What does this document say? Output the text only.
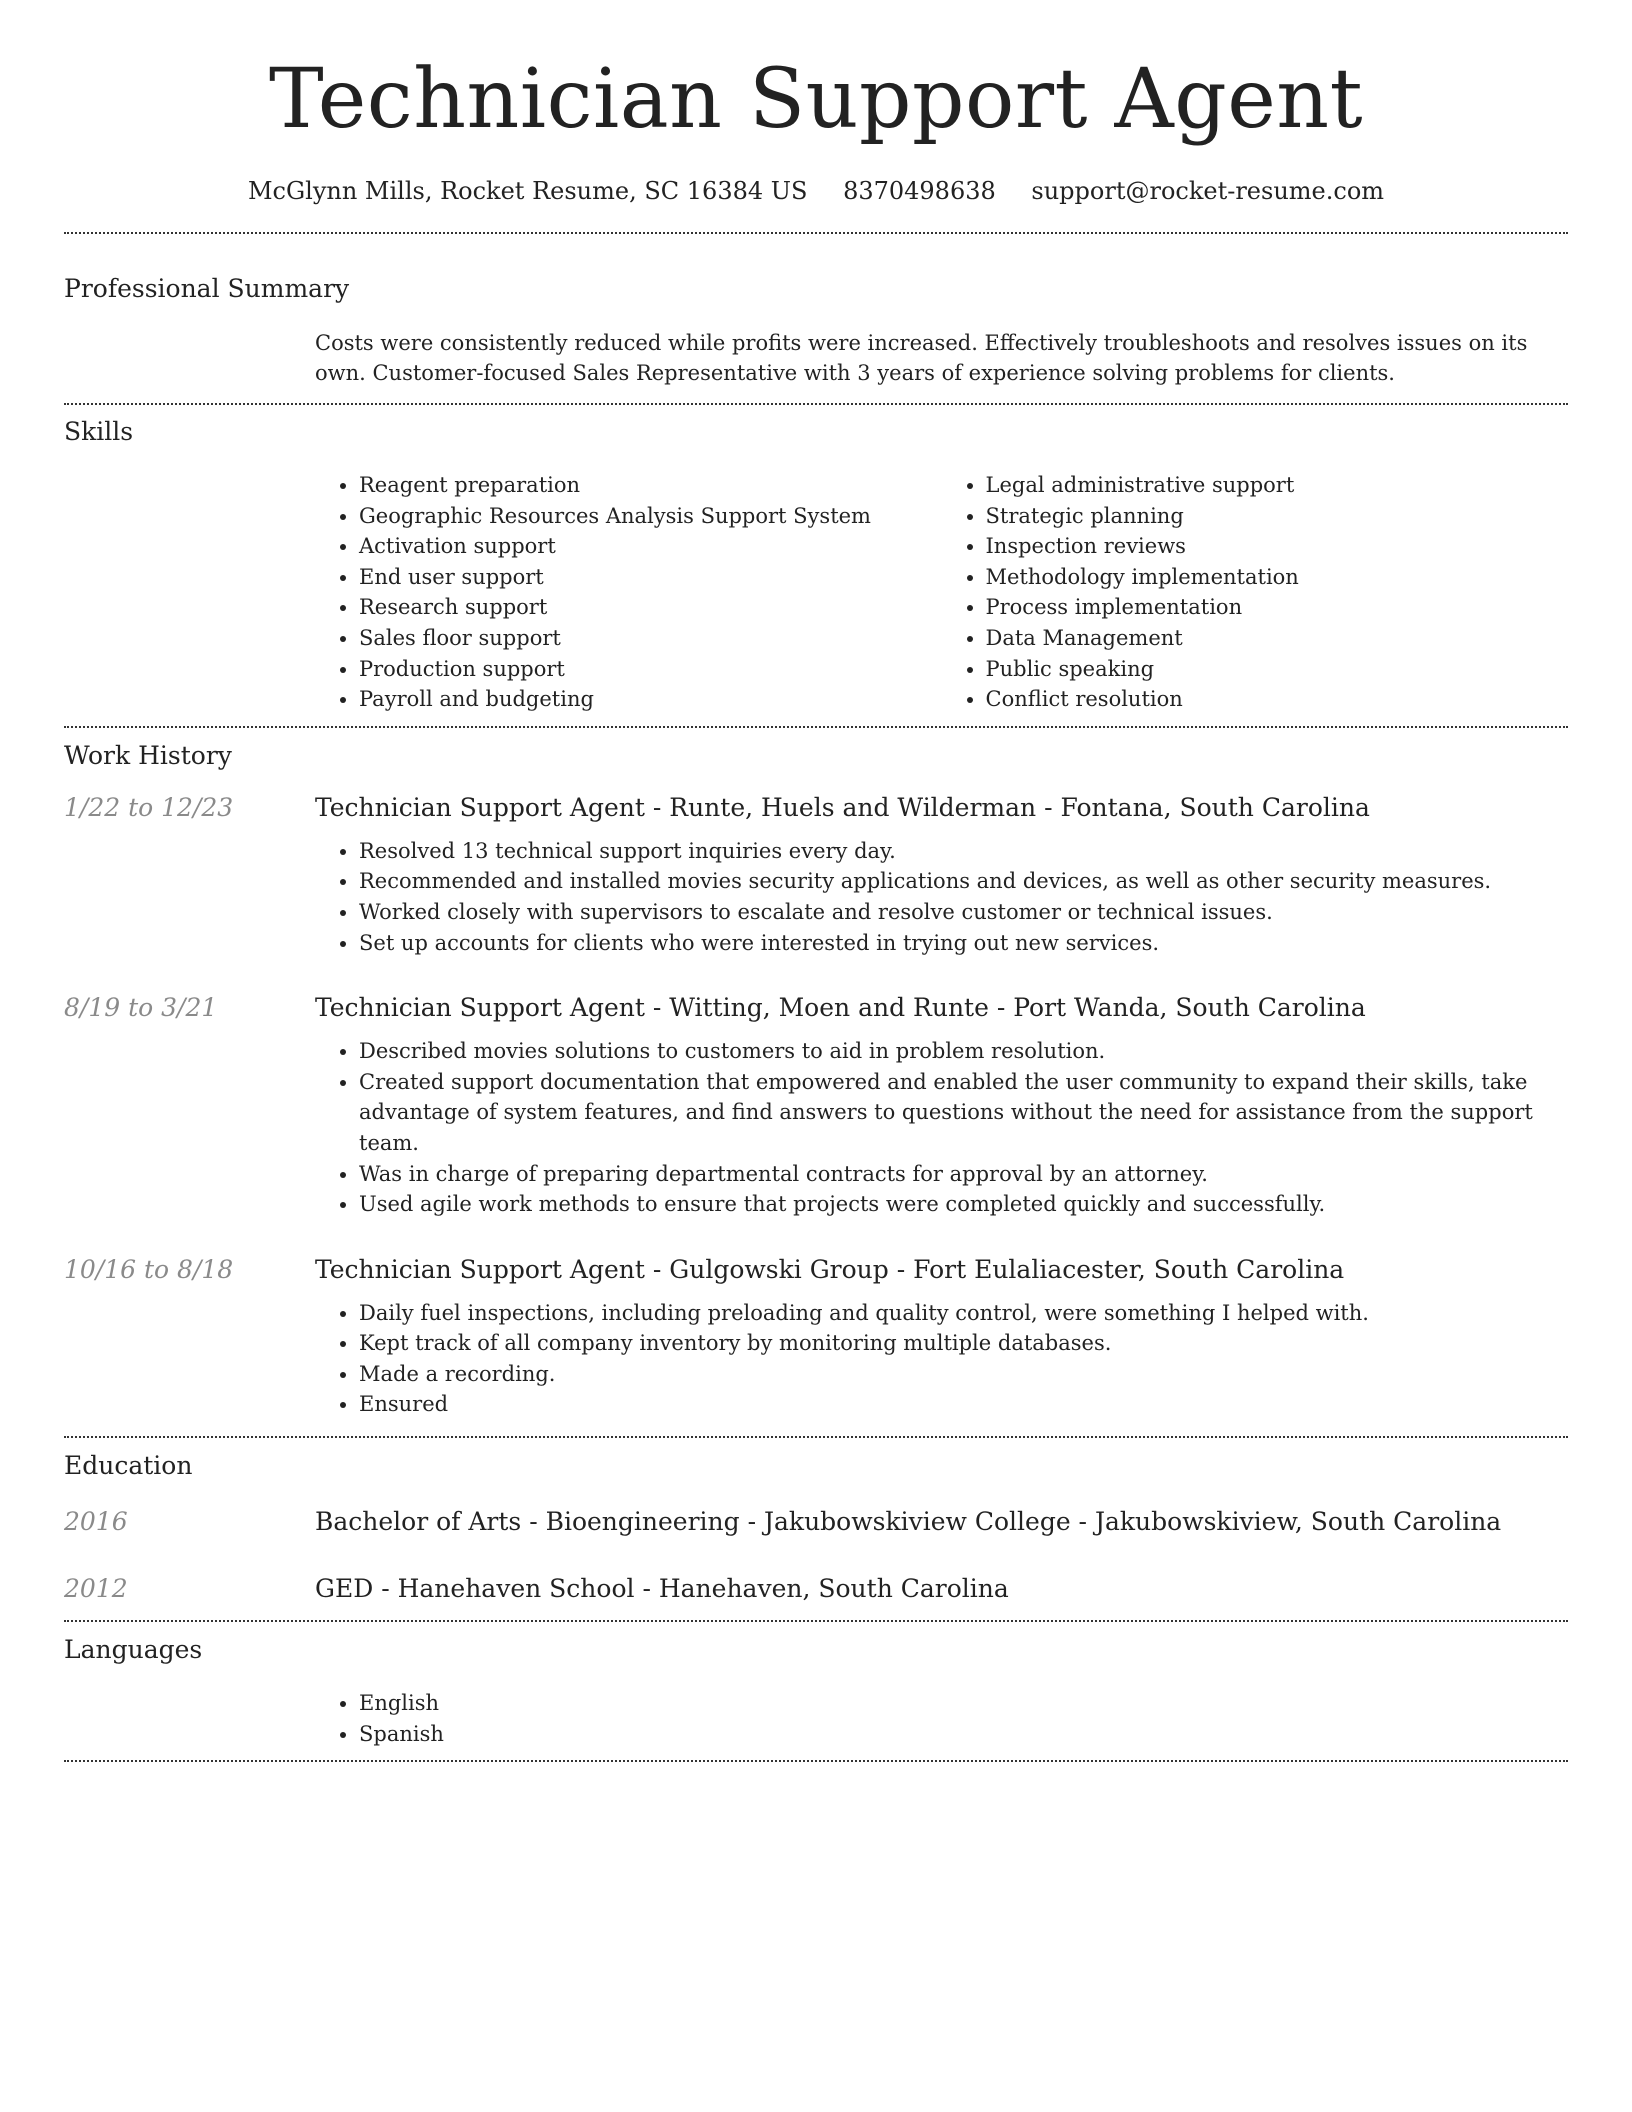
Technician Support Agent
McGlynn Mills, Rocket Resume, SC 16384 US 8370498638 support@rocket-resume.com
Professional Summary
Costs were consistently reduced while profits were increased. Effectively troubleshoots and resolves issues on its own. Customer-focused Sales Representative with 3 years of experience solving problems for clients.
Skills
• Reagent preparation
• Geographic Resources Analysis Support System
• Activation support
• End user support
• Research support
• Sales floor support
• Production support
• Payroll and budgeting
• Legal administrative support
• Strategic planning
• Inspection reviews
• Methodology implementation
• Process implementation
• Data Management
• Public speaking
• Conflict resolution
Work History
1/22 to 12/23	Technician Support Agent - Runte, Huels and Wilderman - Fontana, South Carolina
• Resolved 13 technical support inquiries every day.
• Recommended and installed movies security applications and devices, as well as other security measures.
• Worked closely with supervisors to escalate and resolve customer or technical issues.
• Set up accounts for clients who were interested in trying out new services.
8/19 to 3/21	Technician Support Agent - Witting, Moen and Runte - Port Wanda, South Carolina
• Described movies solutions to customers to aid in problem resolution.
• Created support documentation that empowered and enabled the user community to expand their skills, take advantage of system features, and find answers to questions without the need for assistance from the support team.
• Was in charge of preparing departmental contracts for approval by an attorney.
• Used agile work methods to ensure that projects were completed quickly and successfully.
10/16 to 8/18	Technician Support Agent - Gulgowski Group - Fort Eulaliacester, South Carolina
• Daily fuel inspections, including preloading and quality control, were something I helped with.
• Kept track of all company inventory by monitoring multiple databases.
• Made a recording.
• Ensured
Education
2016	Bachelor of Arts - Bioengineering - Jakubowskiview College - Jakubowskiview, South Carolina
2012	GED - Hanehaven School - Hanehaven, South Carolina
Languages
• English
• Spanish
